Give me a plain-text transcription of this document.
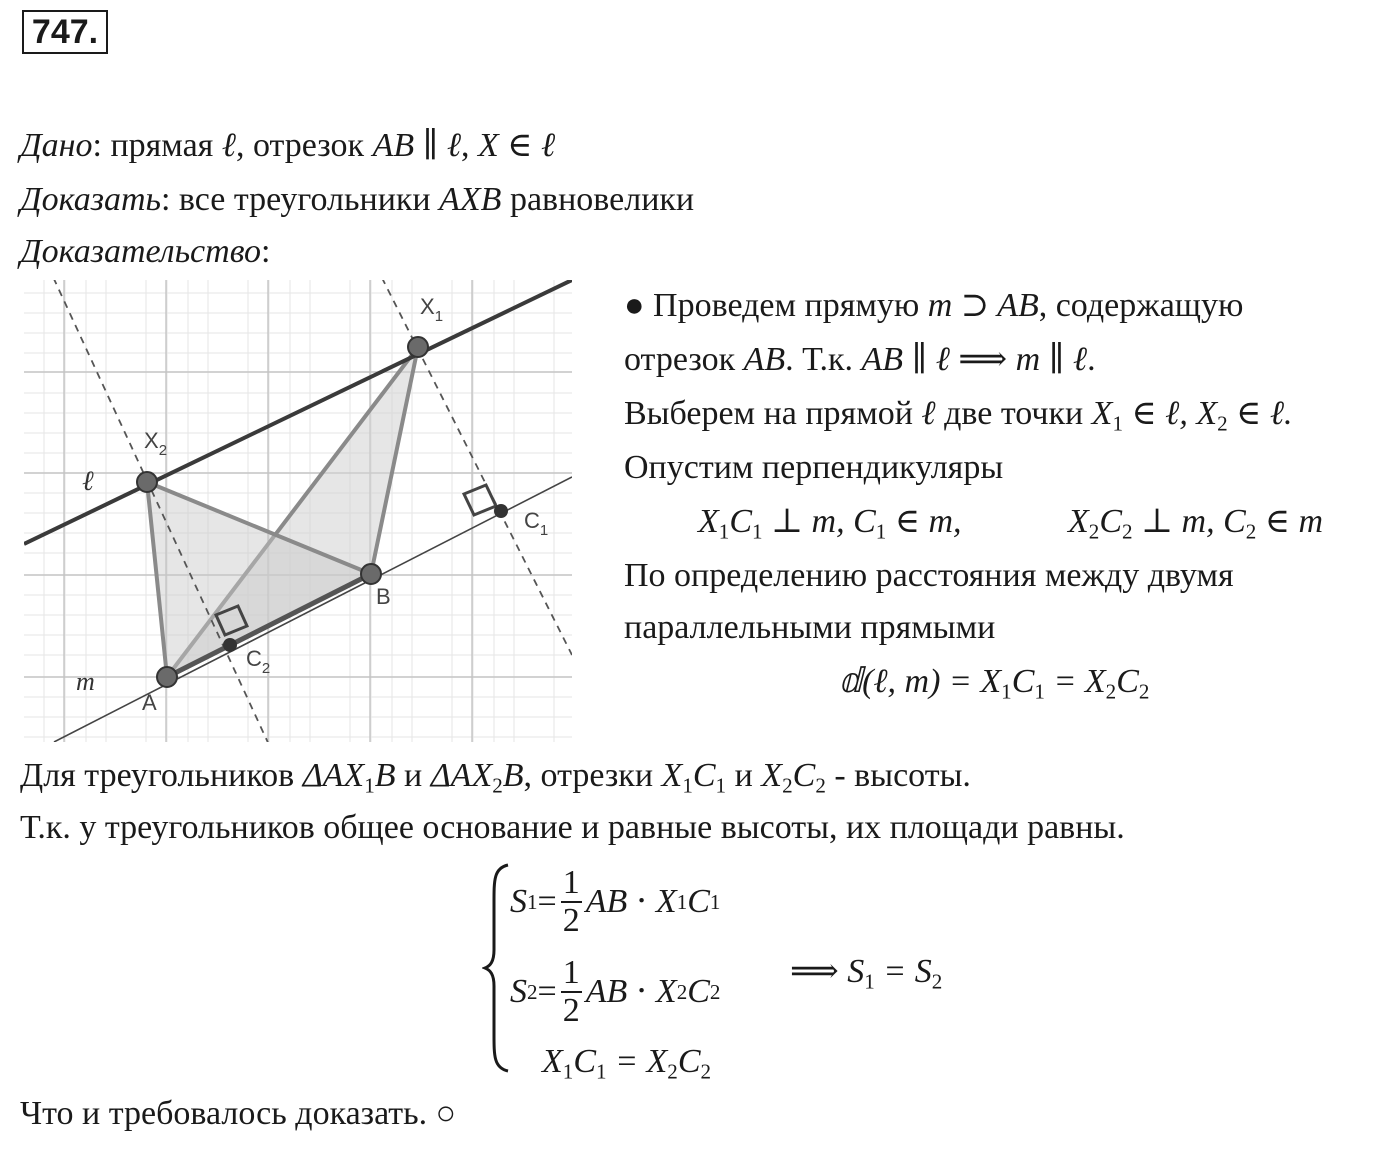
747.
Дано: прямая ℓ, отрезок AB ∥ ℓ, X ∈ ℓ
Доказать: все треугольники AXB равновелики
Доказательство:
$X_1$
$X_2$
ℓ
m
A
B
$C_1$
$C_2$
● Проведем прямую m ⊃ AB, содержащую
отрезок AB. Т.к. AB ∥ ℓ ⟹ m ∥ ℓ.
Выберем на прямой ℓ две точки $X_1$ ∈ ℓ, $X_2$ ∈ ℓ.
Опустим перпендикуляры
$X_1C_1$ ⊥ m, $C_1$ ∈ m,	$X_2C_2$ ⊥ m, $C_2$ ∈ m
По определению расстояния между двумя
параллельными прямыми
𝕕(ℓ, $m) = X_1C_1 = X_2C_2$
Для треугольников $\Delta AX_1B$ и $\Delta AX_2B$, отрезки $X_1C_1$ и $X_2C_2$ - высоты.
Т.к. у треугольников общее основание и равные высоты, их площади равны.
S $1 = \frac{1}{2}$ AB ⋅ X 1 C 1
S $2 = \frac{1}{2}$ AB ⋅ X 2 C 2
$X_1C_1 = X_2C_2$
⟹ $S_1 = S_2$
Что и требовалось доказать. ○
